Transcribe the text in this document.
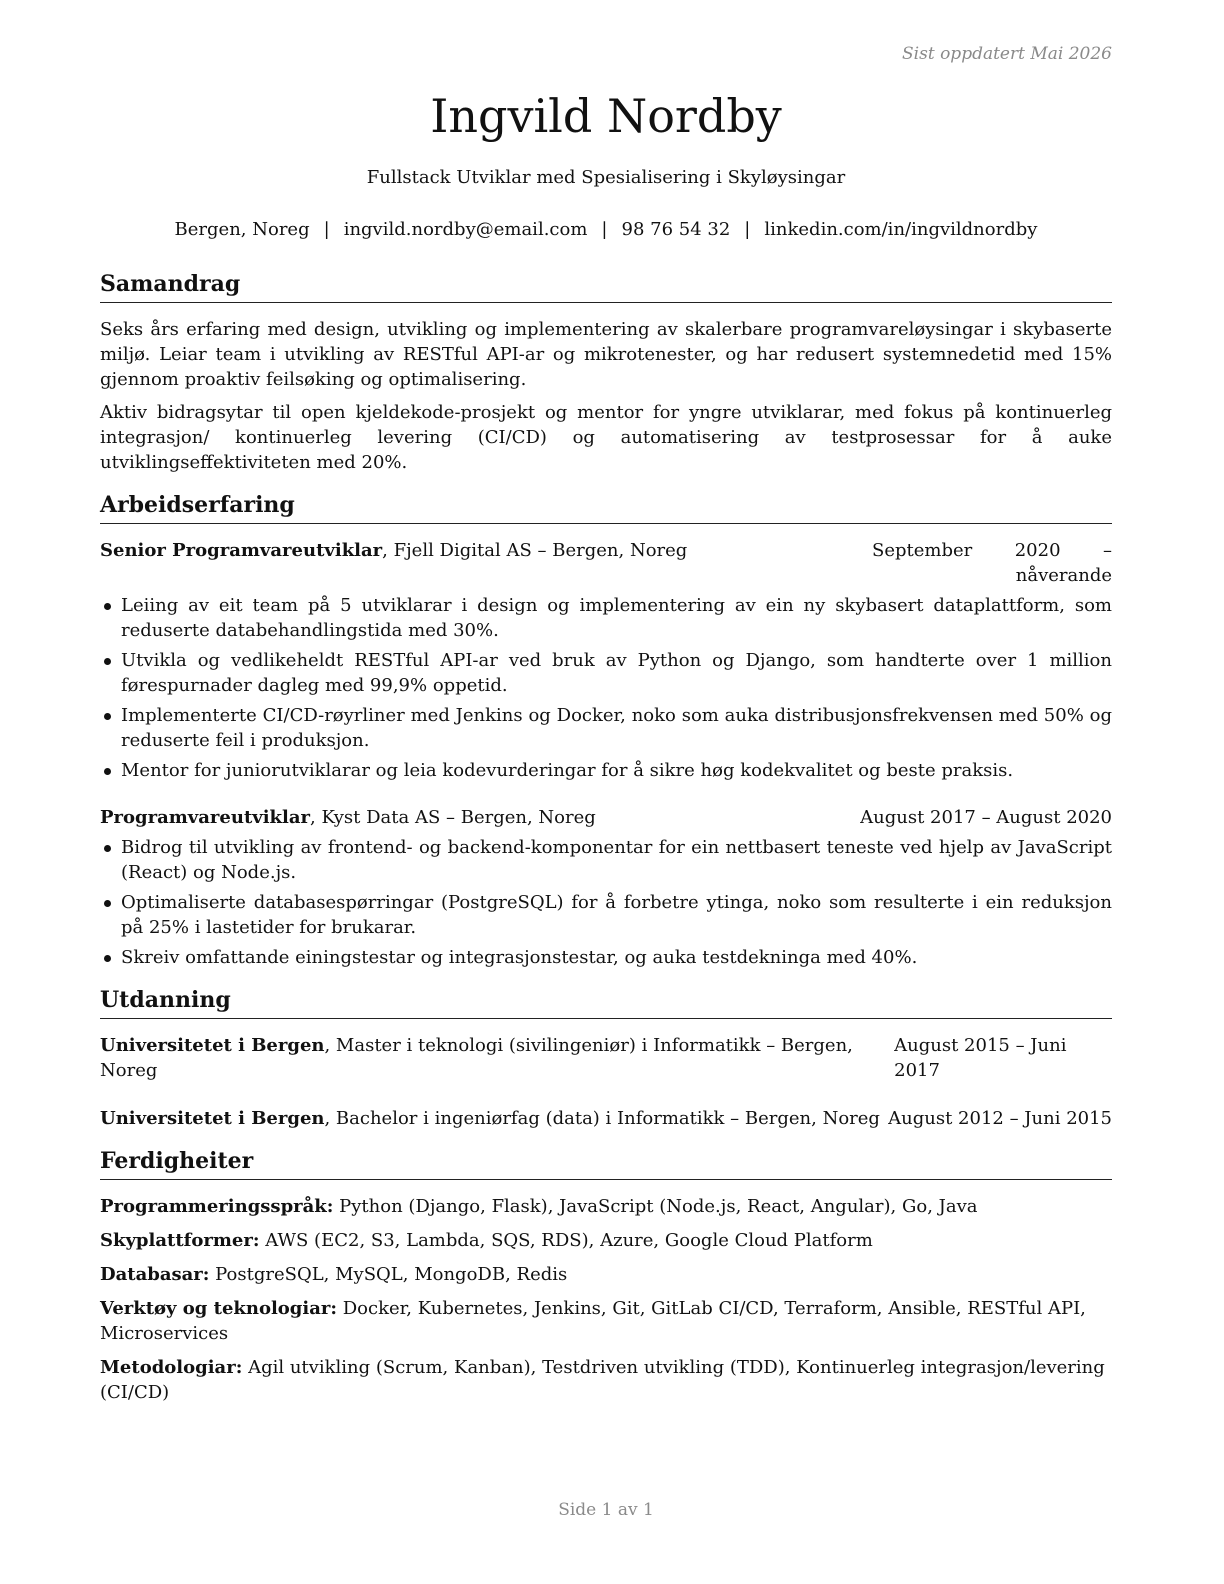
Sist oppdatert Mai 2026
Ingvild Nordby
Fullstack Utviklar med Spesialisering i Skyløysingar
Bergen, Noreg | ingvild.nordby@email.com | 98 76 54 32 | linkedin.com/in/ingvildnordby
Samandrag

Seks års erfaring med design, utvikling og implementering av skalerbare programvareløysingar i skybaserte miljø. Leiar team i utvikling av RESTful API-ar og mikrotenester, og har redusert systemnedetid med 15% gjennom proaktiv feilsøking og optimalisering.

Aktiv bidragsytar til open kjeldekode-prosjekt og mentor for yngre utviklarar, med fokus på kontinuerleg integrasjon/ kontinuerleg levering (CI/CD) og automatisering av testprosessar for å auke utviklingseffektiviteten med 20%.

Arbeidserfaring
Senior Programvareutviklar, Fjell Digital AS – Bergen, Noreg	September 2020 – nåverande
Leiing av eit team på 5 utviklarar i design og implementering av ein ny skybasert dataplattform, som reduserte databehandlingstida med 30%.
Utvikla og vedlikeheldt RESTful API-ar ved bruk av Python og Django, som handterte over 1 million førespurnader dagleg med 99,9% oppetid.
Implementerte CI/CD-røyrliner med Jenkins og Docker, noko som auka distribusjonsfrekvensen med 50% og reduserte feil i produksjon.
Mentor for juniorutviklarar og leia kodevurderingar for å sikre høg kodekvalitet og beste praksis.
Programvareutviklar, Kyst Data AS – Bergen, Noreg	August 2017 – August 2020
Bidrog til utvikling av frontend- og backend-komponentar for ein nettbasert teneste ved hjelp av JavaScript (React) og Node.js.
Optimaliserte databasespørringar (PostgreSQL) for å forbetre ytinga, noko som resulterte i ein reduksjon på 25% i lastetider for brukarar.
Skreiv omfattande einingstestar og integrasjonstestar, og auka testdekninga med 40%.
Utdanning
Universitetet i Bergen, Master i teknologi (sivilingeniør) i Informatikk – Bergen, Noreg
August 2015 – Juni 2017
Universitetet i Bergen, Bachelor i ingeniørfag (data) i Informatikk – Bergen, Noreg August 2012 – Juni 2015
Ferdigheiter
Programmeringsspråk: Python (Django, Flask), JavaScript (Node.js, React, Angular), Go, Java
Skyplattformer: AWS (EC2, S3, Lambda, SQS, RDS), Azure, Google Cloud Platform
Databasar: PostgreSQL, MySQL, MongoDB, Redis
Verktøy og teknologiar: Docker, Kubernetes, Jenkins, Git, GitLab CI/CD, Terraform, Ansible, RESTful API, Microservices
Metodologiar: Agil utvikling (Scrum, Kanban), Testdriven utvikling (TDD), Kontinuerleg integrasjon/levering (CI/CD)
Side 1 av 1
